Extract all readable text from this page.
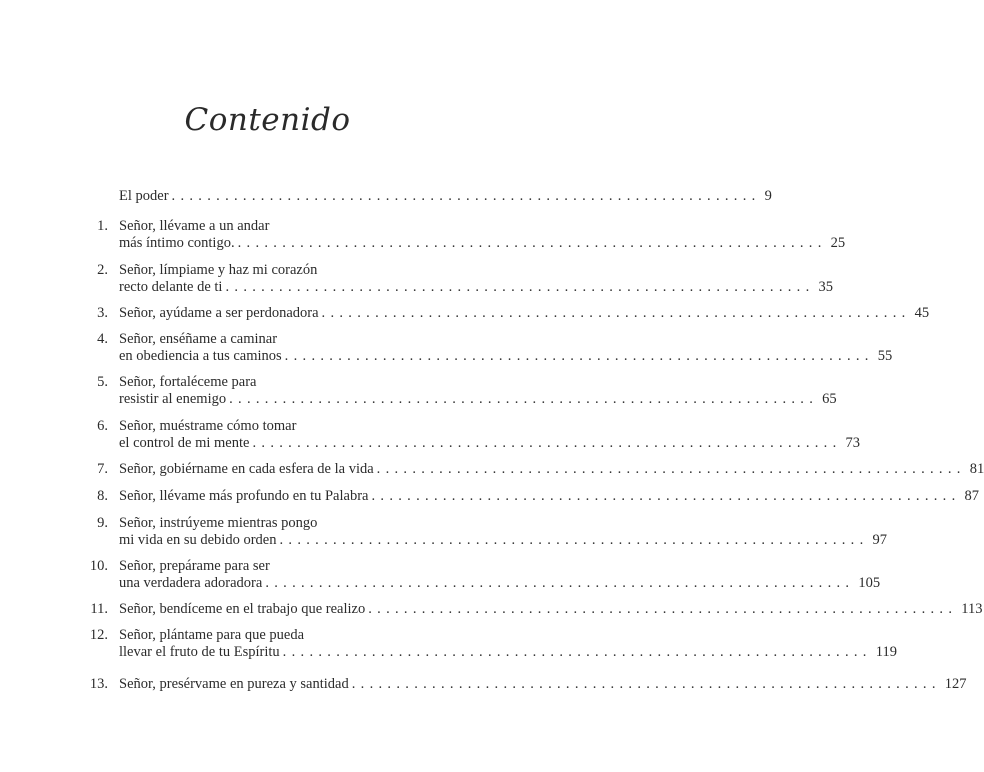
Contenido
El poder .................................................................. 9
1. Señor, llévame a un andar
más íntimo contigo. .................................................................. 25
2. Señor, límpiame y haz mi corazón
recto delante de ti .................................................................. 35
3. Señor, ayúdame a ser perdonadora .................................................................. 45
4. Señor, enséñame a caminar
en obediencia a tus caminos .................................................................. 55
5. Señor, fortaléceme para
resistir al enemigo .................................................................. 65
6. Señor, muéstrame cómo tomar
el control de mi mente .................................................................. 73
7. Señor, gobiérname en cada esfera de la vida .................................................................. 81
8. Señor, llévame más profundo en tu Palabra .................................................................. 87
9. Señor, instrúyeme mientras pongo
mi vida en su debido orden .................................................................. 97
10. Señor, prepárame para ser
una verdadera adoradora .................................................................. 105
11. Señor, bendíceme en el trabajo que realizo .................................................................. 113
12. Señor, plántame para que pueda
llevar el fruto de tu Espíritu .................................................................. 119
13. Señor, presérvame en pureza y santidad .................................................................. 127
